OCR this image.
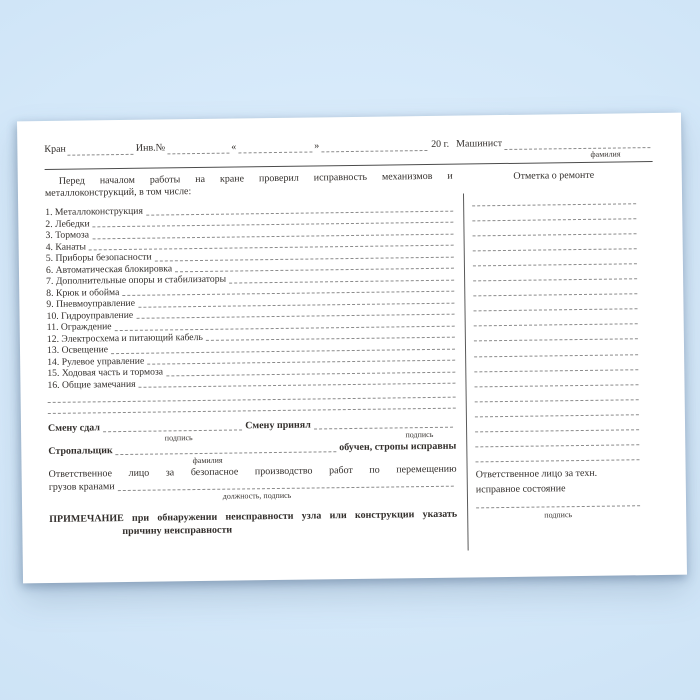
Кран	Инв.№	«	»	20 г. Машинист
фамилия
Перед началом работы на кране проверил исправность механизмов и
металлоконструкций, в том числе:
1. Металлоконструкция
2. Лебедки
3. Тормоза
4. Канаты
5. Приборы безопасности
6. Автоматическая блокировка
7. Дополнительные опоры и стабилизаторы
8. Крюк и обойма
9. Пневмоуправление
10. Гидроуправление
11. Ограждение
12. Электросхема и питающий кабель
13. Освещение
14. Рулевое управление
15. Ходовая часть и тормоза
16. Общие замечания
Смену сдал	Смену принял
подпись	подпись
Стропальщик	обучен, стропы исправны
фамилия
Ответственное лицо за безопасное производство работ по перемещению
грузов кранами
должность, подпись
ПРИМЕЧАНИЕ при обнаружении неисправности узла или конструкции указать
причину неисправности
Отметка о ремонте
Ответственное лицо за техн.
исправное состояние
подпись
